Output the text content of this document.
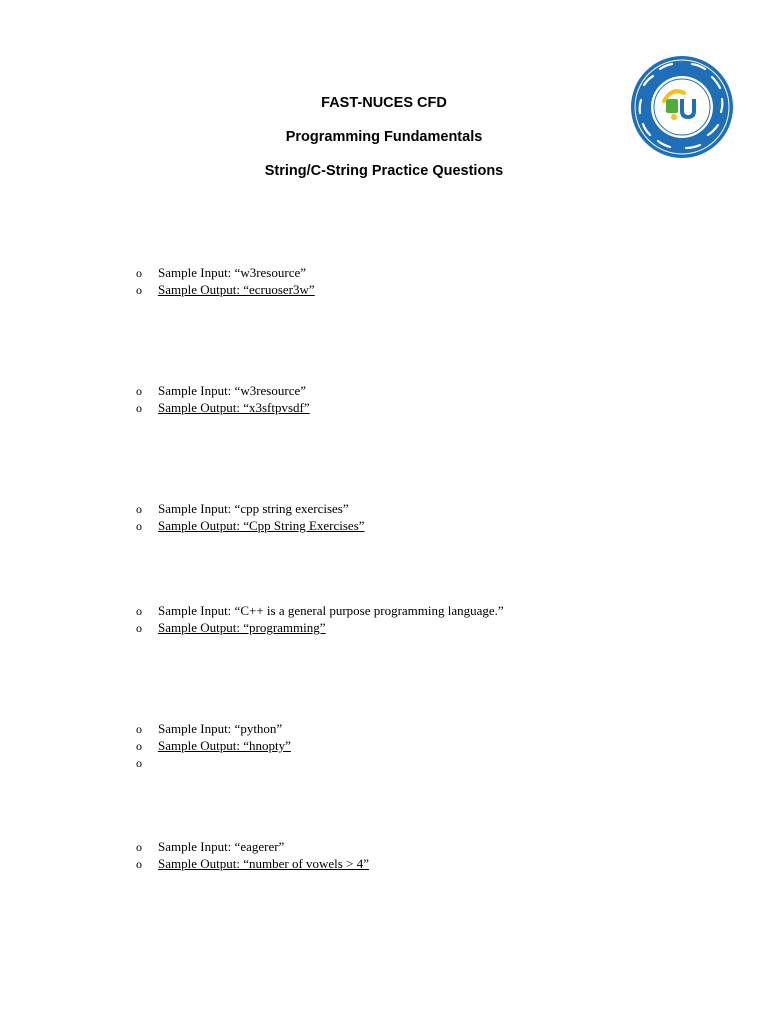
FAST-NUCES CFD
Programming Fundamentals
String/C-String Practice Questions
o Sample Input: “w3resource”
o Sample Output: “ecruoser3w”
o Sample Input: “w3resource”
o Sample Output: “x3sftpvsdf”
o Sample Input: “cpp string exercises”
o Sample Output: “Cpp String Exercises”
o Sample Input: “C++ is a general purpose programming language.”
o Sample Output: “programming”
o Sample Input: “python”
o Sample Output: “hnopty”
o
o Sample Input: “eagerer”
o Sample Output: “number of vowels > 4”
